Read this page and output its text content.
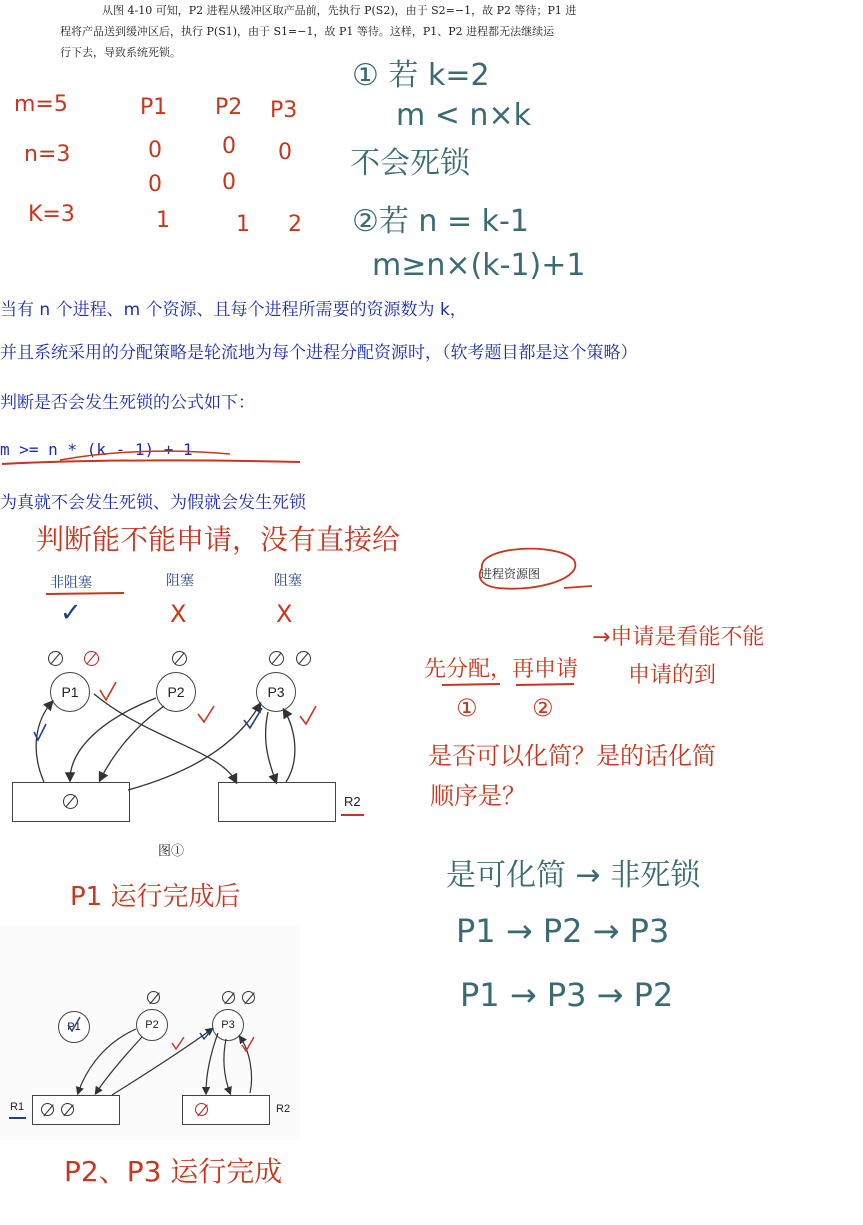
从图 4-10 可知，P2 进程从缓冲区取产品前，先执行 P(S2)，由于 S2=−1，故 P2 等待；P1 进
程将产品送到缓冲区后，执行 P(S1)，由于 S1=−1，故 P1 等待。这样，P1、P2 进程都无法继续运
行下去，导致系统死锁。
m=5
n=3
K=3
P1 P2 P3
0	0 0
0	0
1	1 2
① 若 k=2
m < n×k
不会死锁
②若 n = k-1
m≥n×(k-1)+1
当有 n 个进程、m 个资源、且每个进程所需要的资源数为 k，
并且系统采用的分配策略是轮流地为每个进程分配资源时，（软考题目都是这个策略）
判断是否会发生死锁的公式如下：
m >= n * (k - 1) + 1
为真就不会发生死锁、为假就会发生死锁
判断能不能申请，没有直接给
非阻塞	阻塞	阻塞
✓	X	X
P1	P2	P3
R2
图①
进程资源图
→申请是看能不能
申请的到
先分配，再申请
① ②
是否可以化简？是的话化简
顺序是？
是可化简 → 非死锁
P1 → P2 → P3
P1 → P3 → P2
P1 运行完成后
P1	P2	P3
R1	R2
P2、P3 运行完成
